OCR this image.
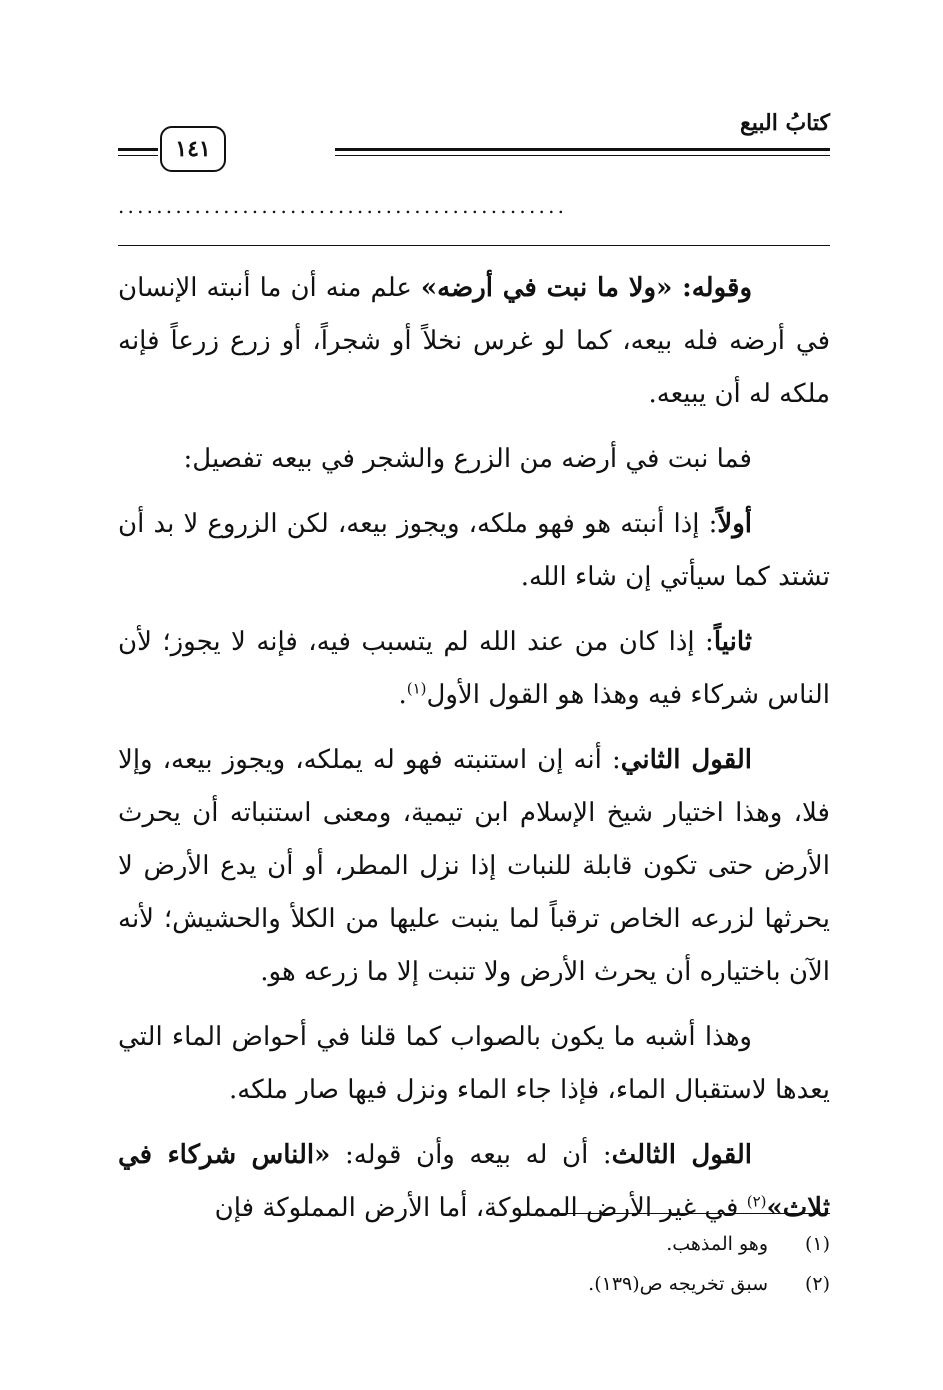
كتابُ البيع
١٤١
...............................................

وقوله: «ولا ما نبت في أرضه» علم منه أن ما أنبته الإنسان في أرضه فله بيعه، كما لو غرس نخلاً أو شجراً، أو زرع زرعاً فإنه ملكه له أن يبيعه.

فما نبت في أرضه من الزرع والشجر في بيعه تفصيل:

أولاً: إذا أنبته هو فهو ملكه، ويجوز بيعه، لكن الزروع لا بد أن تشتد كما سيأتي إن شاء الله.

ثانياً: إذا كان من عند الله لم يتسبب فيه، فإنه لا يجوز؛ لأن الناس شركاء فيه وهذا هو القول الأول$^{(١)}$.

القول الثاني: أنه إن استنبته فهو له يملكه، ويجوز بيعه، وإلا فلا، وهذا اختيار شيخ الإسلام ابن تيمية، ومعنى استنباته أن يحرث الأرض حتى تكون قابلة للنبات إذا نزل المطر، أو أن يدع الأرض لا يحرثها لزرعه الخاص ترقباً لما ينبت عليها من الكلأ والحشيش؛ لأنه الآن باختياره أن يحرث الأرض ولا تنبت إلا ما زرعه هو.

وهذا أشبه ما يكون بالصواب كما قلنا في أحواض الماء التي يعدها لاستقبال الماء، فإذا جاء الماء ونزل فيها صار ملكه.

القول الثالث: أن له بيعه وأن قوله: «الناس شركاء في ثلاث»$^{(٢)}$ في غير الأرض المملوكة، أما الأرض المملوكة فإن

(١)
وهو المذهب.
(٢)
سبق تخريجه ص(١٣٩).
